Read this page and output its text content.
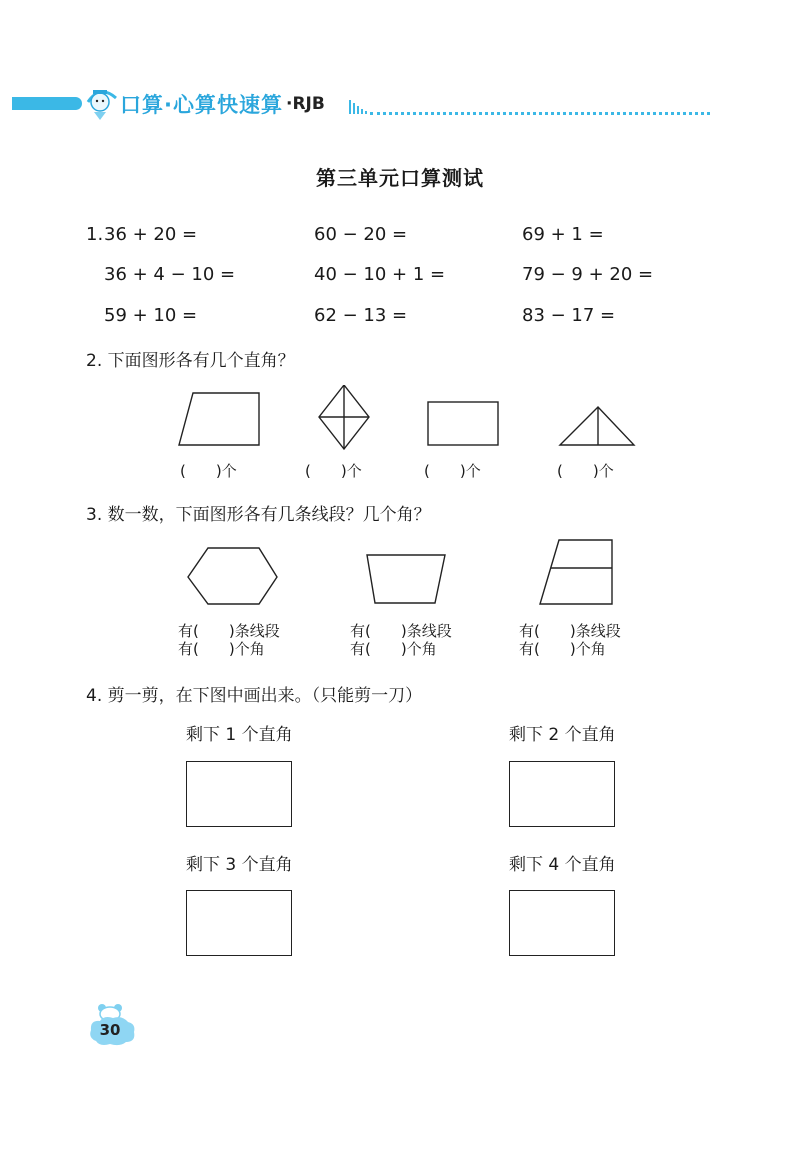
口算·心算快速算 ·RJB
第三单元口算测试
1. 36 + 20 =	60 − 20 =	69 + 1 =
36 + 4 − 10 =	40 − 10 + 1 =	79 − 9 + 20 =
59 + 10 =	62 − 13 =	83 − 17 =
2. 下面图形各有几个直角？
(　　)个	(　　)个	(　　)个	(　　)个
3. 数一数，下面图形各有几条线段？几个角？
有(　　)条线段
有(　　)个角
有(　　)条线段
有(　　)个角
有(　　)条线段
有(　　)个角
4. 剪一剪，在下图中画出来。（只能剪一刀）
剩下 1 个直角	剩下 2 个直角
剩下 3 个直角	剩下 4 个直角
30
